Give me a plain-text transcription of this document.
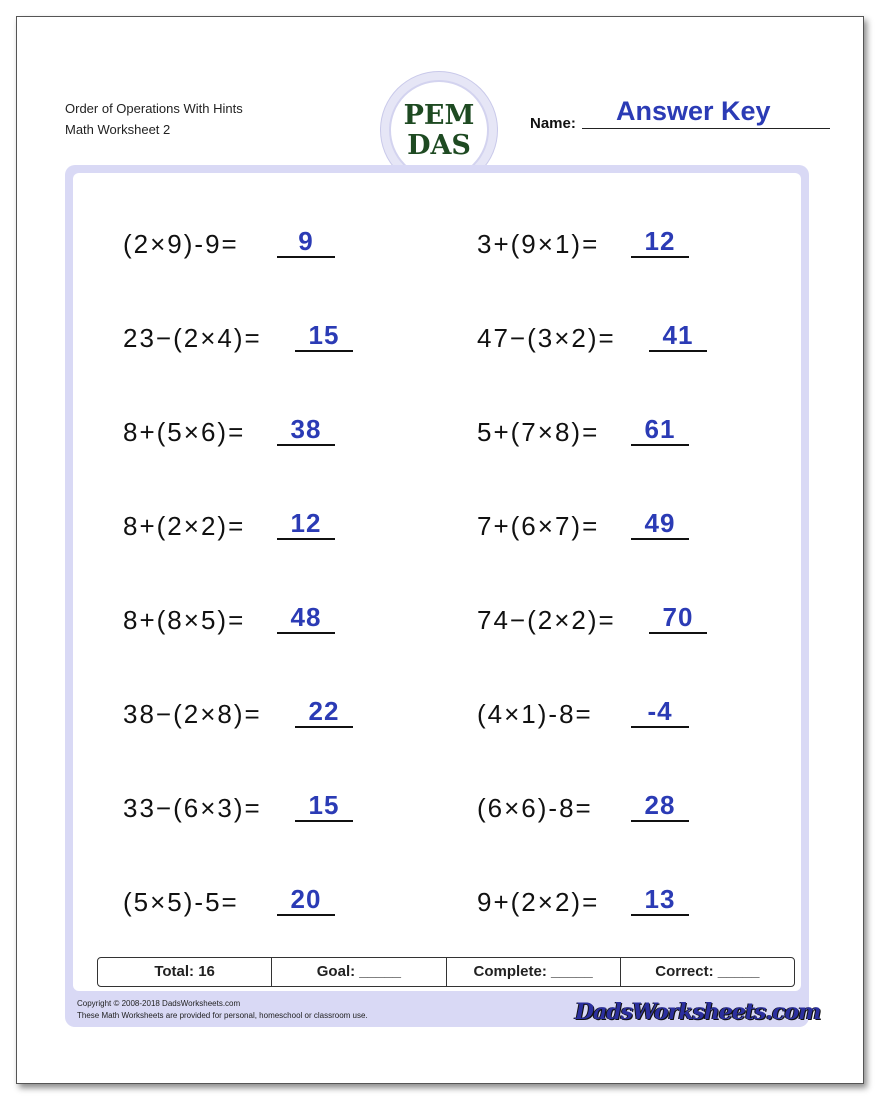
Order of Operations With Hints
Math Worksheet 2	PEM
DAS
Name: Answer Key
Total: 16	Goal: _____	Complete: _____	Correct: _____
(2×9)-9=	9
23−(2×4)=	15
8+(5×6)=	38
8+(2×2)=	12
8+(8×5)=	48
38−(2×8)=	22
33−(6×3)=	15
(5×5)-5=	20
3+(9×1)=	12
47−(3×2)=	41
5+(7×8)=	61
7+(6×7)=	49
74−(2×2)=	70
(4×1)-8=	-4
(6×6)-8=	28
9+(2×2)=	13
Copyright © 2008-2018 DadsWorksheets.com
These Math Worksheets are provided for personal, homeschool or classroom use.	DadsWorksheets.com
